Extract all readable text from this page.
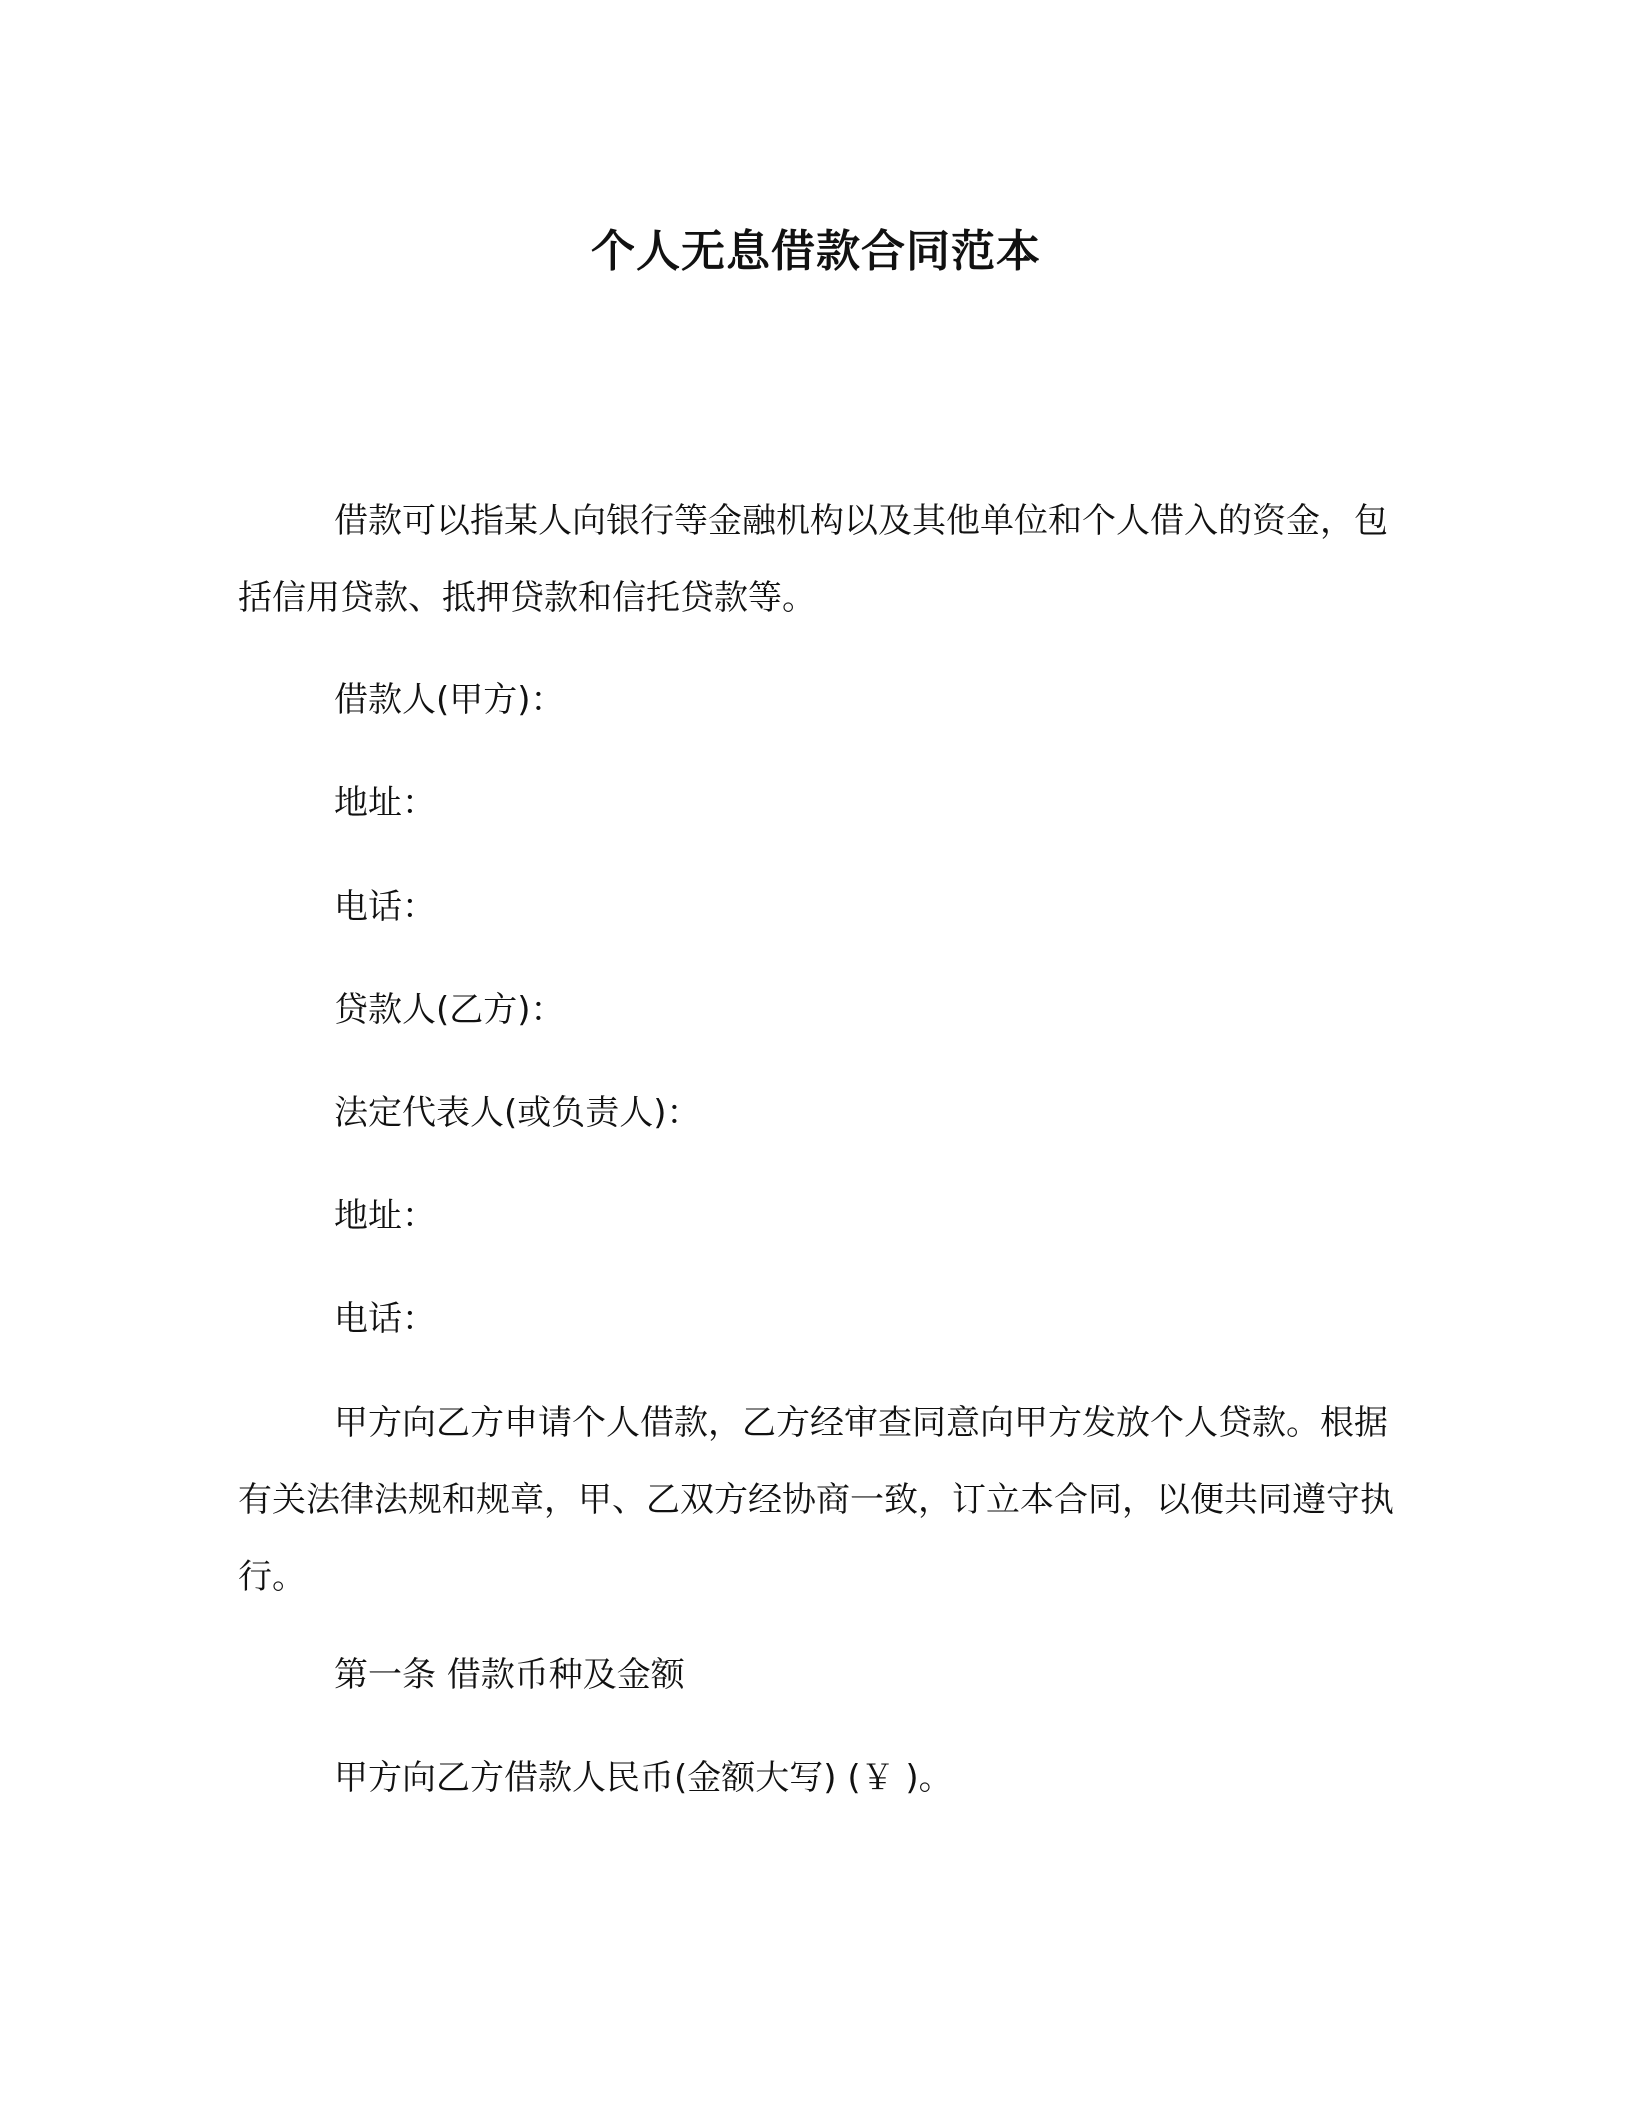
个人无息借款合同范本

借款可以指某人向银行等金融机构以及其他单位和个人借入的资金，包括信用贷款、抵押贷款和信托贷款等。

借款人(甲方)：
地址：
电话：
贷款人(乙方)：
法定代表人(或负责人)：
地址：
电话：

甲方向乙方申请个人借款，乙方经审查同意向甲方发放个人贷款。根据有关法律法规和规章，甲、乙双方经协商一致，订立本合同，以便共同遵守执行。

第一条 借款币种及金额
甲方向乙方借款人民币(金额大写) (￥ )。
